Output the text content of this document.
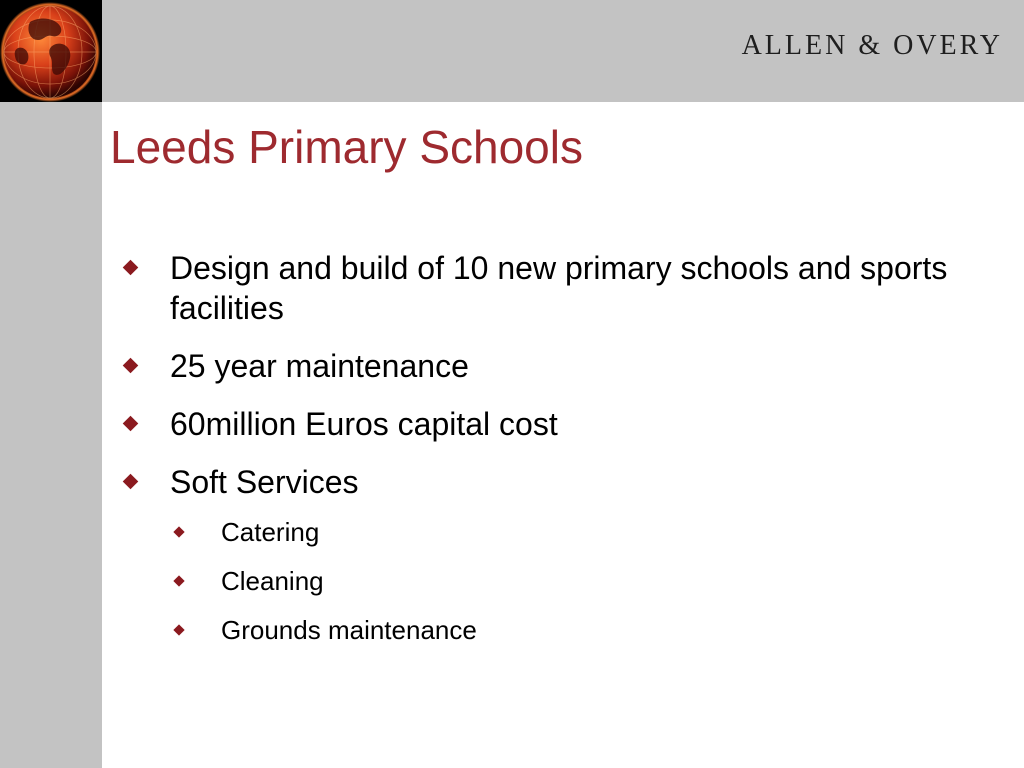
ALLEN & OVERY
Leeds Primary Schools
Design and build of 10 new primary schools and sports facilities
25 year maintenance
60million Euros capital cost
Soft Services
Catering
Cleaning
Grounds maintenance
